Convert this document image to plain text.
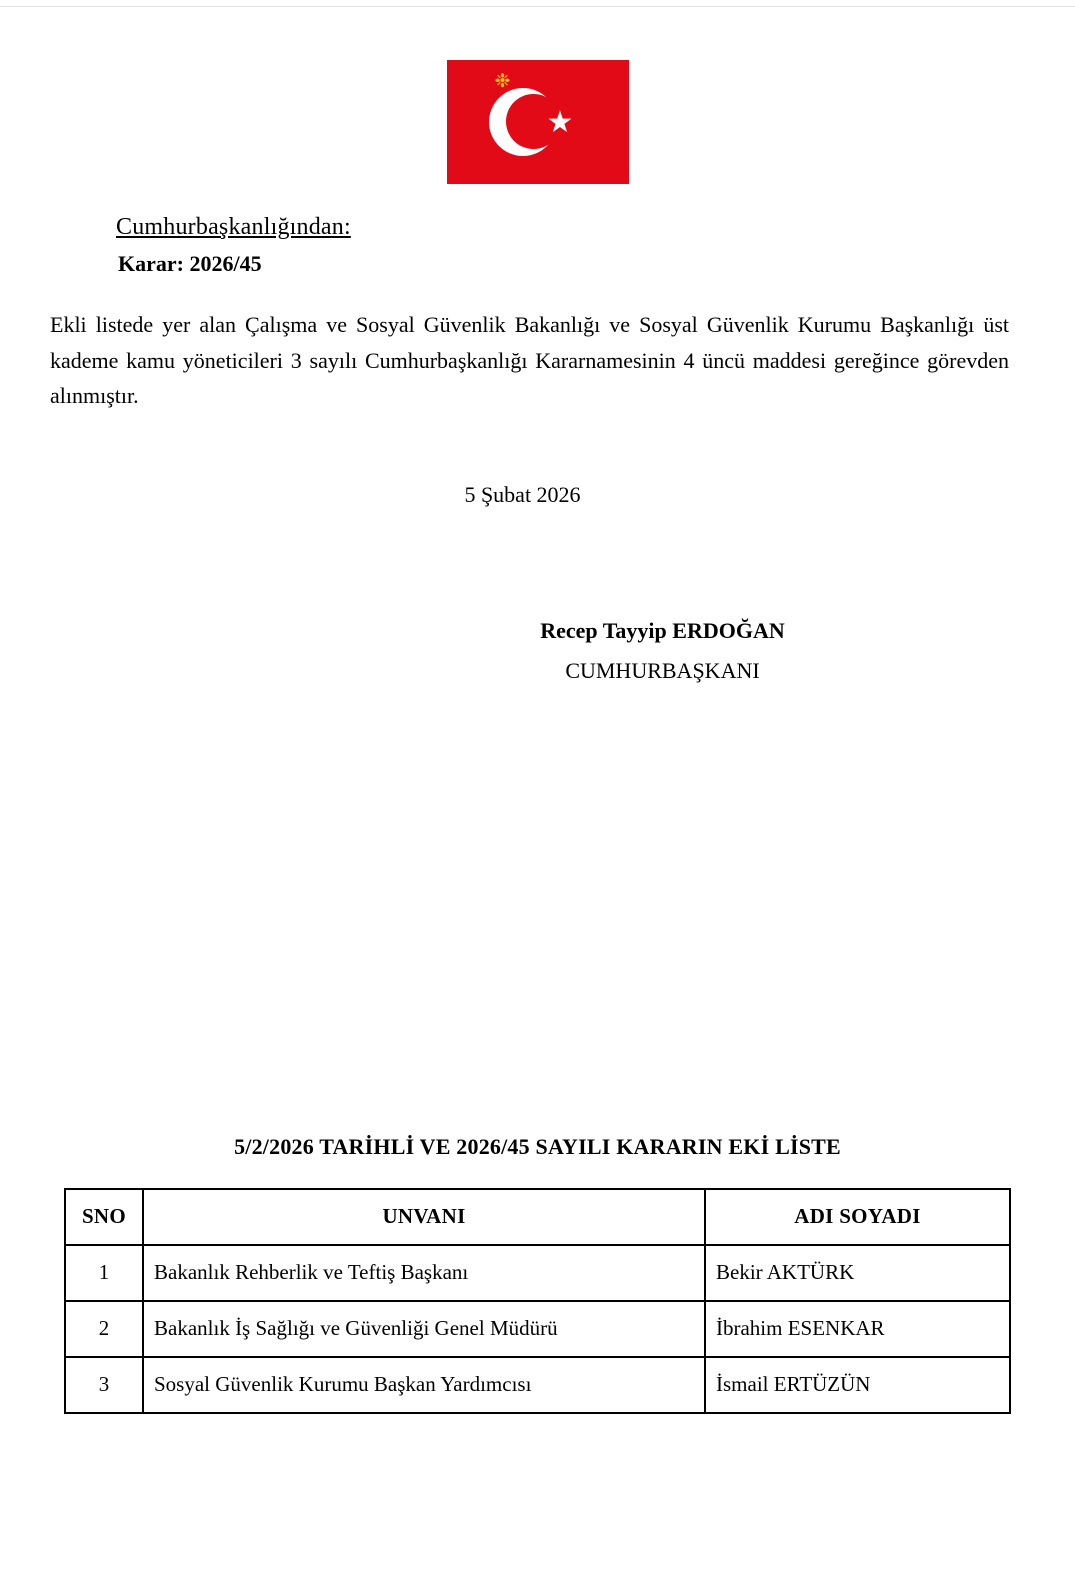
❉
Cumhurbaşkanlığından:
Karar: 2026/45

Ekli listede yer alan Çalışma ve Sosyal Güvenlik Bakanlığı ve Sosyal Güvenlik Kurumu Başkanlığı üst kademe kamu yöneticileri 3 sayılı Cumhurbaşkanlığı Kararnamesinin 4 üncü maddesi gereğince görevden alınmıştır.

5 Şubat 2026
Recep Tayyip ERDOĞAN
CUMHURBAŞKANI
5/2/2026 TARİHLİ VE 2026/45 SAYILI KARARIN EKİ LİSTE
SNO	UNVANI	ADI SOYADI
1	Bakanlık Rehberlik ve Teftiş Başkanı	Bekir AKTÜRK
2	Bakanlık İş Sağlığı ve Güvenliği Genel Müdürü	İbrahim ESENKAR
3	Sosyal Güvenlik Kurumu Başkan Yardımcısı	İsmail ERTÜZÜN
